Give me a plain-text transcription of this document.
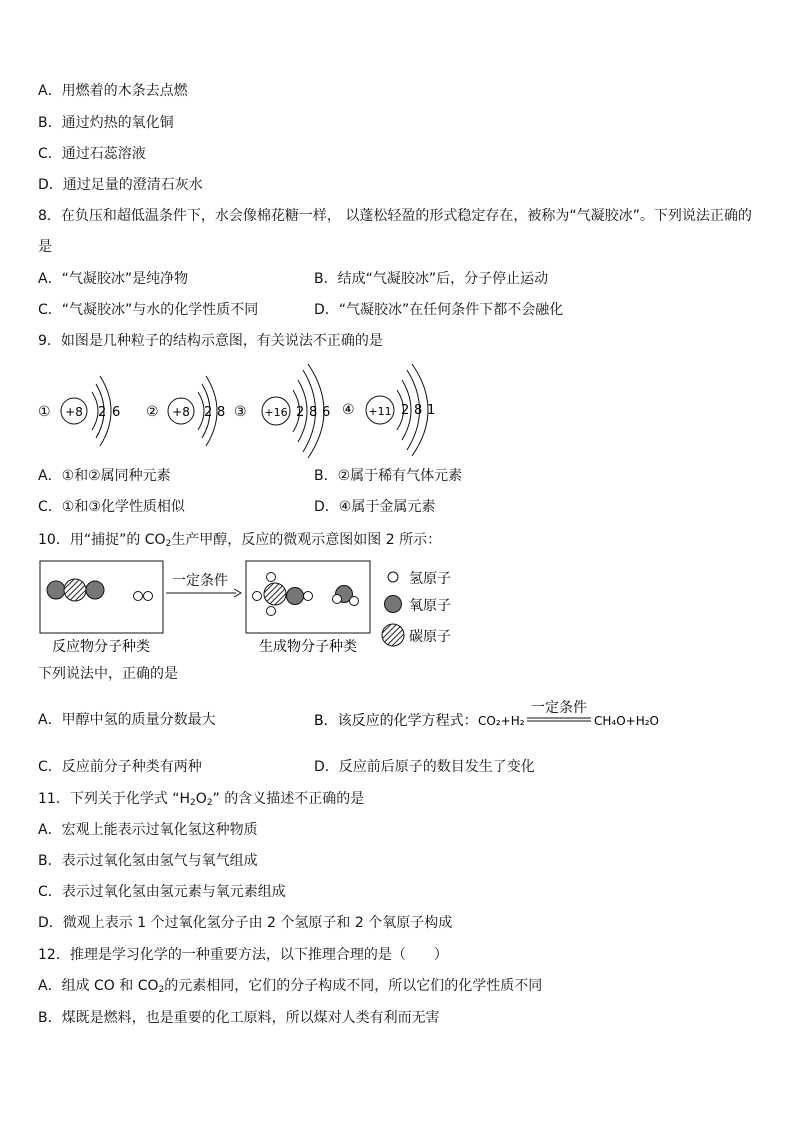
A．用燃着的木条去点燃
B．通过灼热的氧化铜
C．通过石蕊溶液
D．通过足量的澄清石灰水
8．在负压和超低温条件下，水会像棉花糖一样， 以蓬松轻盈的形式稳定存在，被称为“气凝胶冰”。下列说法正确的
是
A．“气凝胶冰”是纯净物	B．结成“气凝胶冰”后，分子停止运动
C．“气凝胶冰”与水的化学性质不同	D．“气凝胶冰”在任何条件下都不会融化
9．如图是几种粒子的结构示意图，有关说法不正确的是
① +8 2 6 ② +8 2 8 ③ +16 2 8 6 ④ +11 2 8 1
A．①和②属同种元素	B．②属于稀有气体元素
C．①和③化学性质相似	D．④属于金属元素
10．用“捕捉”的 $CO_2$生产甲醇，反应的微观示意图如图 2 所示：
反应物分子种类
一定条件
生成物分子种类
氢原子
氧原子
碳原子
下列说法中，正确的是
A．甲醇中氢的质量分数最大	B．该反应的化学方程式： CO₂+H₂
一定条件
CH₄O+H₂O
C．反应前分子种类有两种	D．反应前后原子的数目发生了变化
11．下列关于化学式 “$H_2O_2$” 的含义描述不正确的是
A．宏观上能表示过氧化氢这种物质
B．表示过氧化氢由氢气与氧气组成
C．表示过氧化氢由氢元素与氧元素组成
D．微观上表示 1 个过氧化氢分子由 2 个氢原子和 2 个氧原子构成
12．推理是学习化学的一种重要方法，以下推理合理的是（　　）
A．组成 CO 和 $CO_2$的元素相同，它们的分子构成不同，所以它们的化学性质不同
B．煤既是燃料，也是重要的化工原料，所以煤对人类有利而无害
